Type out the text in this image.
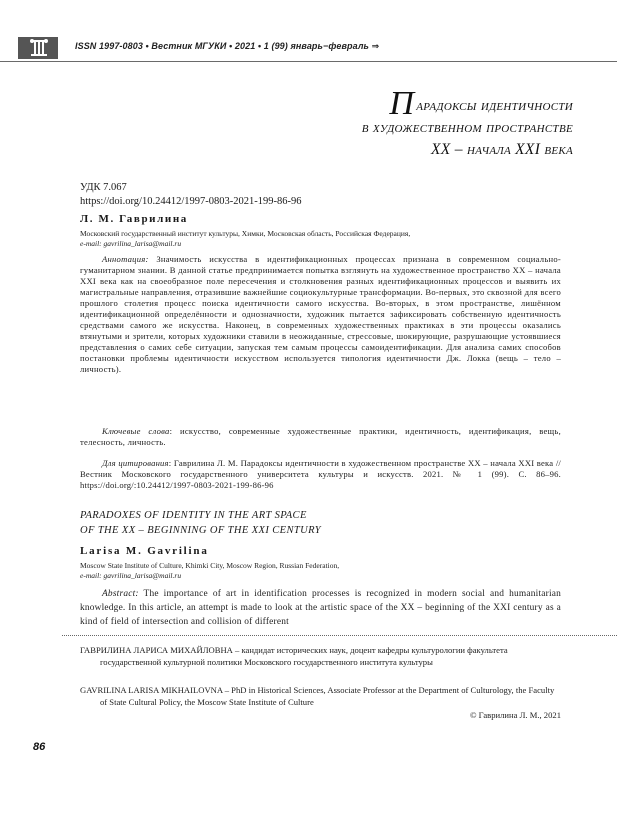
ISSN 1997-0803 • Вестник МГУКИ • 2021 • 1 (99) январь−февраль ⇒
П арадоксы идентичности
в художественном пространстве
XX – начала XXI века
УДК 7.067
https://doi.org/10.24412/1997-0803-2021-199-86-96
Л. М. Гаврилина
Московский государственный институт культуры, Химки, Московская область, Российская Федерация,
e-mail: gavrilina_larisa@mail.ru
Аннотация: Значимость искусства в идентификационных процессах признана в современном социально-гуманитарном знании. В данной статье предпринимается попытка взглянуть на художественное пространство XX – начала XXI века как на своеобразное поле пересечения и столкновения разных идентификационных процессов и выявить их магистральные направления, отразившие важнейшие социокультурные трансформации. Во-первых, это сквозной для всего прошлого столетия процесс поиска идентичности самого искусства. Во-вторых, в этом пространстве, лишённом идентификационной определённости и однозначности, художник пытается зафиксировать собственную идентичность средствами самого же искусства. Наконец, в современных художественных практиках в эти процессы оказались втянутыми и зрители, которых художники ставили в неожиданные, стрессовые, шокирующие, разрушающие устоявшиеся представления о самих себе ситуации, запуская тем самым процессы самоидентификации. Для анализа самих способов постановки проблемы идентичности искусством используется типология идентичности Дж. Локка (вещь – тело – личность).
Ключевые слова: искусство, современные художественные практики, идентичность, идентификация, вещь, телесность, личность.
Для цитирования: Гаврилина Л. М. Парадоксы идентичности в художественном пространстве XX – начала XXI века // Вестник Московского государственного университета культуры и искусств. 2021. № 1 (99). С. 86–96. https://doi.org/:10.24412/1997-0803-2021-199-86-96
PARADOXES OF IDENTITY IN THE ART SPACE
OF THE XX – BEGINNING OF THE XXI CENTURY
Larisa M. Gavrilina
Moscow State Institute of Culture, Khimki City, Moscow Region, Russian Federation,
e-mail: gavrilina_larisa@mail.ru
Abstract: The importance of art in identification processes is recognized in modern social and humanitarian knowledge. In this article, an attempt is made to look at the artistic space of the XX – beginning of the XXI century as a kind of field of intersection and collision of different
ГАВРИЛИНА ЛАРИСА МИХАЙЛОВНА – кандидат исторических наук, доцент кафедры культурологии факультета государственной культурной политики Московского государственного института культуры
GAVRILINA LARISA MIKHAILOVNA – PhD in Historical Sciences, Associate Professor at the Department of Culturology, the Faculty of State Cultural Policy, the Moscow State Institute of Culture
© Гаврилина Л. М., 2021
86
